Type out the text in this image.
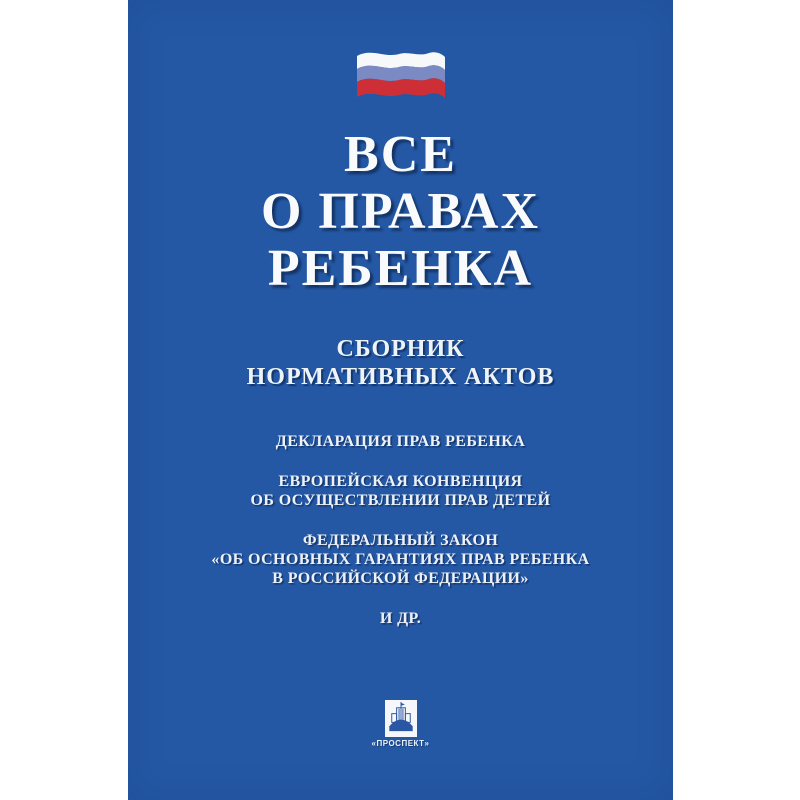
ВСЕ
О ПРАВАХ
РЕБЕНКА
СБОРНИК
НОРМАТИВНЫХ АКТОВ

ДЕКЛАРАЦИЯ ПРАВ РЕБЕНКА

ЕВРОПЕЙСКАЯ КОНВЕНЦИЯ
ОБ ОСУЩЕСТВЛЕНИИ ПРАВ ДЕТЕЙ

ФЕДЕРАЛЬНЫЙ ЗАКОН
«ОБ ОСНОВНЫХ ГАРАНТИЯХ ПРАВ РЕБЕНКА
В РОССИЙСКОЙ ФЕДЕРАЦИИ»

И ДР.

«ПРОСПЕКТ»
